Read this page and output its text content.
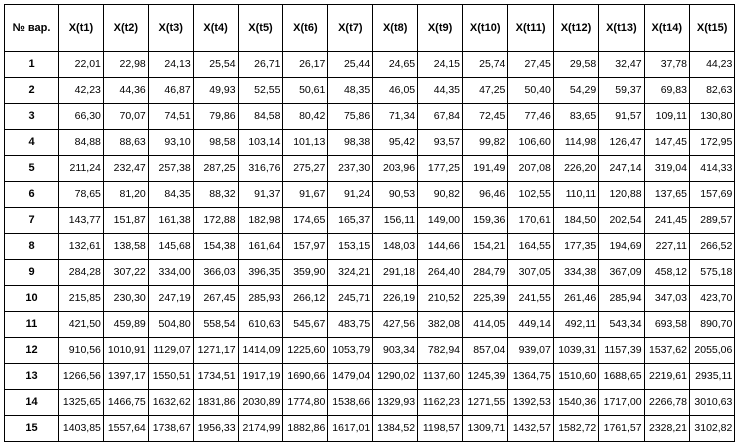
№ вар.	X(t1)	X(t2)	X(t3)	X(t4)	X(t5)	X(t6)	X(t7)	X(t8)	X(t9)	X(t10)	X(t11)	X(t12)	X(t13)	X(t14)	X(t15)
1	22,01	22,98	24,13	25,54	26,71	26,17	25,44	24,65	24,15	25,74	27,45	29,58	32,47	37,78	44,23
2	42,23	44,36	46,87	49,93	52,55	50,61	48,35	46,05	44,35	47,25	50,40	54,29	59,37	69,83	82,63
3	66,30	70,07	74,51	79,86	84,58	80,42	75,86	71,34	67,84	72,45	77,46	83,65	91,57	109,11	130,80
4	84,88	88,63	93,10	98,58	103,14	101,13	98,38	95,42	93,57	99,82	106,60	114,98	126,47	147,45	172,95
5	211,24	232,47	257,38	287,25	316,76	275,27	237,30	203,96	177,25	191,49	207,08	226,20	247,14	319,04	414,33
6	78,65	81,20	84,35	88,32	91,37	91,67	91,24	90,53	90,82	96,46	102,55	110,11	120,88	137,65	157,69
7	143,77	151,87	161,38	172,88	182,98	174,65	165,37	156,11	149,00	159,36	170,61	184,50	202,54	241,45	289,57
8	132,61	138,58	145,68	154,38	161,64	157,97	153,15	148,03	144,66	154,21	164,55	177,35	194,69	227,11	266,52
9	284,28	307,22	334,00	366,03	396,35	359,90	324,21	291,18	264,40	284,79	307,05	334,38	367,09	458,12	575,18
10	215,85	230,30	247,19	267,45	285,93	266,12	245,71	226,19	210,52	225,39	241,55	261,46	285,94	347,03	423,70
11	421,50	459,89	504,80	558,54	610,63	545,67	483,75	427,56	382,08	414,05	449,14	492,11	543,34	693,58	890,70
12	910,56	1010,91	1129,07	1271,17	1414,09	1225,60	1053,79	903,34	782,94	857,04	939,07	1039,31	1157,39	1537,62	2055,06
13	1266,56	1397,17	1550,51	1734,51	1917,19	1690,66	1479,04	1290,02	1137,60	1245,39	1364,75	1510,60	1688,65	2219,61	2935,11
14	1325,65	1466,75	1632,62	1831,86	2030,89	1774,80	1538,66	1329,93	1162,23	1271,55	1392,53	1540,36	1717,00	2266,78	3010,63
15	1403,85	1557,64	1738,67	1956,33	2174,99	1882,86	1617,01	1384,52	1198,57	1309,71	1432,57	1582,72	1761,57	2328,21	3102,82
